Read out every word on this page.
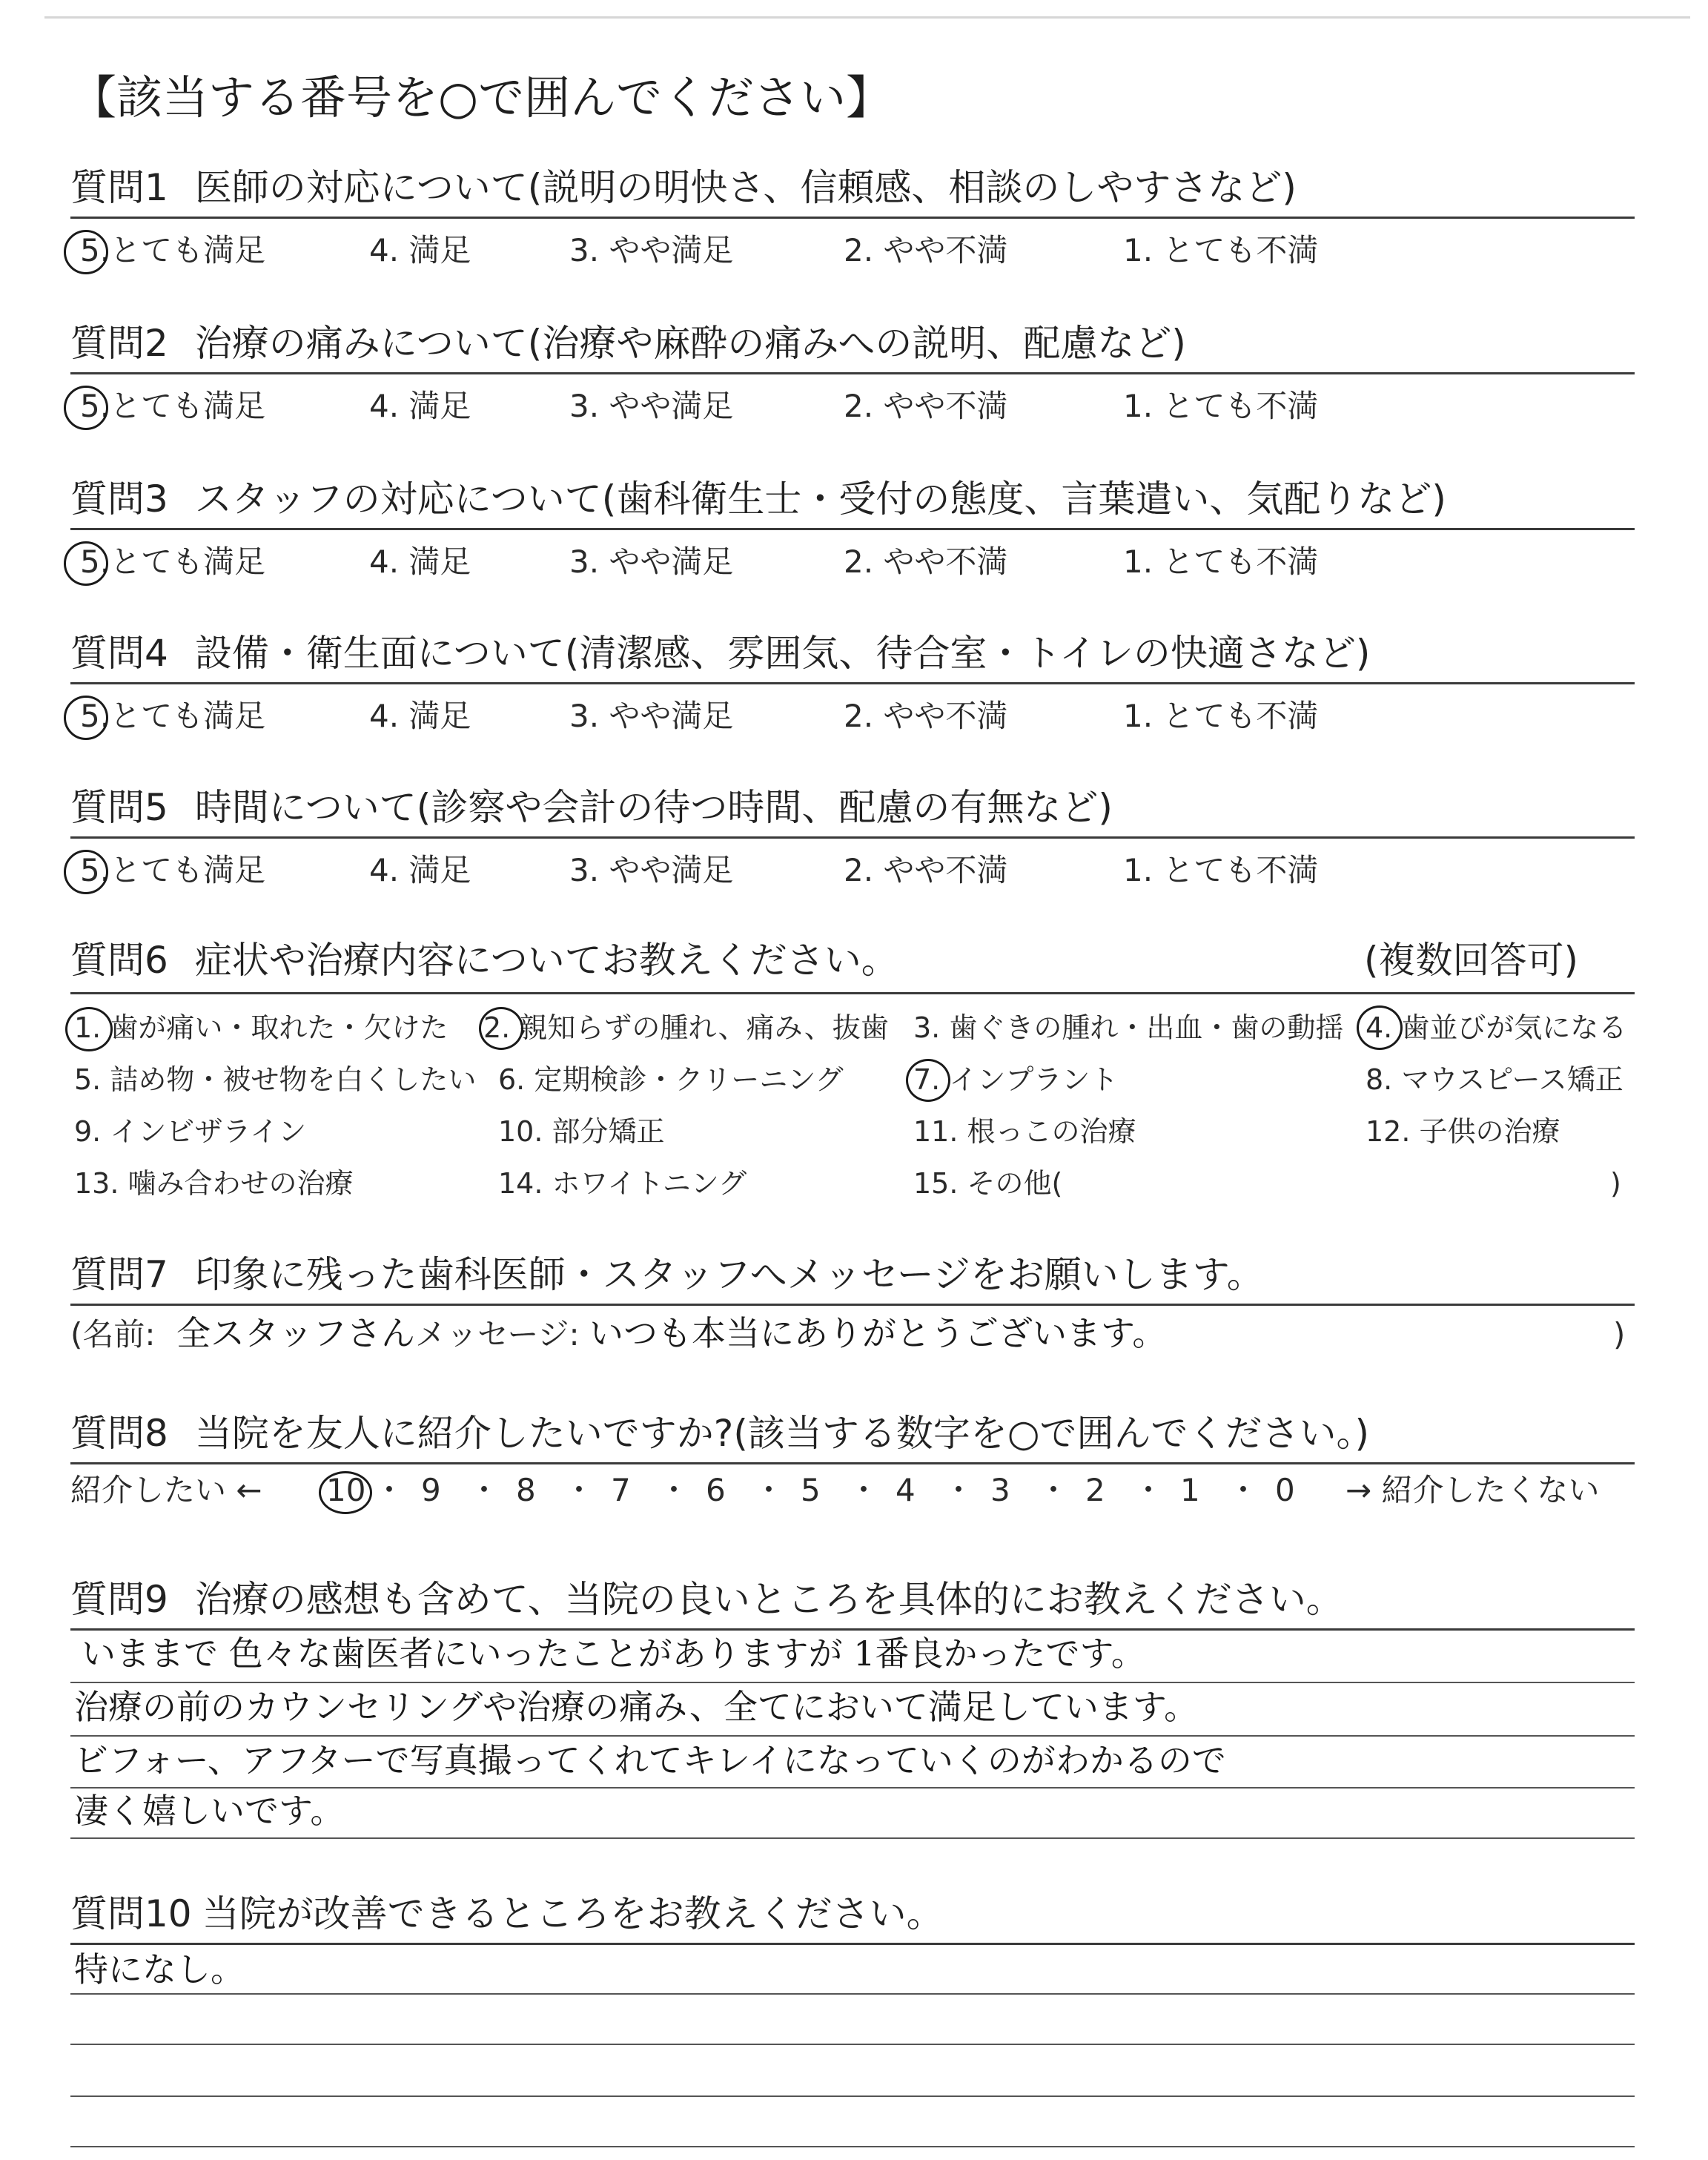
【該当する番号を○で囲んでください】
質問1 医師の対応について(説明の明快さ、信頼感、相談のしやすさなど)
5.とても満足	4. 満足	3. やや満足	2. やや不満	1. とても不満
質問2 治療の痛みについて(治療や麻酔の痛みへの説明、配慮など)
5.とても満足	4. 満足	3. やや満足	2. やや不満	1. とても不満
質問3 スタッフの対応について(歯科衛生士・受付の態度、言葉遣い、気配りなど)
5.とても満足	4. 満足	3. やや満足	2. やや不満	1. とても不満
質問4 設備・衛生面について(清潔感、雰囲気、待合室・トイレの快適さなど)
5.とても満足	4. 満足	3. やや満足	2. やや不満	1. とても不満
質問5 時間について(診察や会計の待つ時間、配慮の有無など)
5.とても満足	4. 満足	3. やや満足	2. やや不満	1. とても不満
質問6 症状や治療内容についてお教えください。	(複数回答可)
1. 歯が痛い・取れた・欠けた 2. 親知らずの腫れ、痛み、抜歯 3. 歯ぐきの腫れ・出血・歯の動揺 4. 歯並びが気になる
5. 詰め物・被せ物を白くしたい 6. 定期検診・クリーニング 7. インプラント	8. マウスピース矯正
9. インビザライン	10. 部分矯正	11. 根っこの治療	12. 子供の治療
13. 噛み合わせの治療	14. ホワイトニング	15. その他(	)
質問7 印象に残った歯科医師・スタッフへメッセージをお願いします。
(名前: 全スタッフさん メッセージ: いつも本当にありがとうございます。	)
質問8 当院を友人に紹介したいですか?(該当する数字を○で囲んでください。)
紹介したい ← 10 ・ 9 ・ 8 ・ 7 ・ 6 ・ 5 ・ 4 ・ 3 ・ 2 ・ 1 ・ 0 → 紹介したくない
質問9 治療の感想も含めて、当院の良いところを具体的にお教えください。
いままで 色々な歯医者にいったことがありますが 1番良かったです。
治療の前のカウンセリングや治療の痛み、全てにおいて満足しています。
ビフォー、アフターで写真撮ってくれてキレイになっていくのがわかるので
凄く嬉しいです。
質問10 当院が改善できるところをお教えください。
特になし。
